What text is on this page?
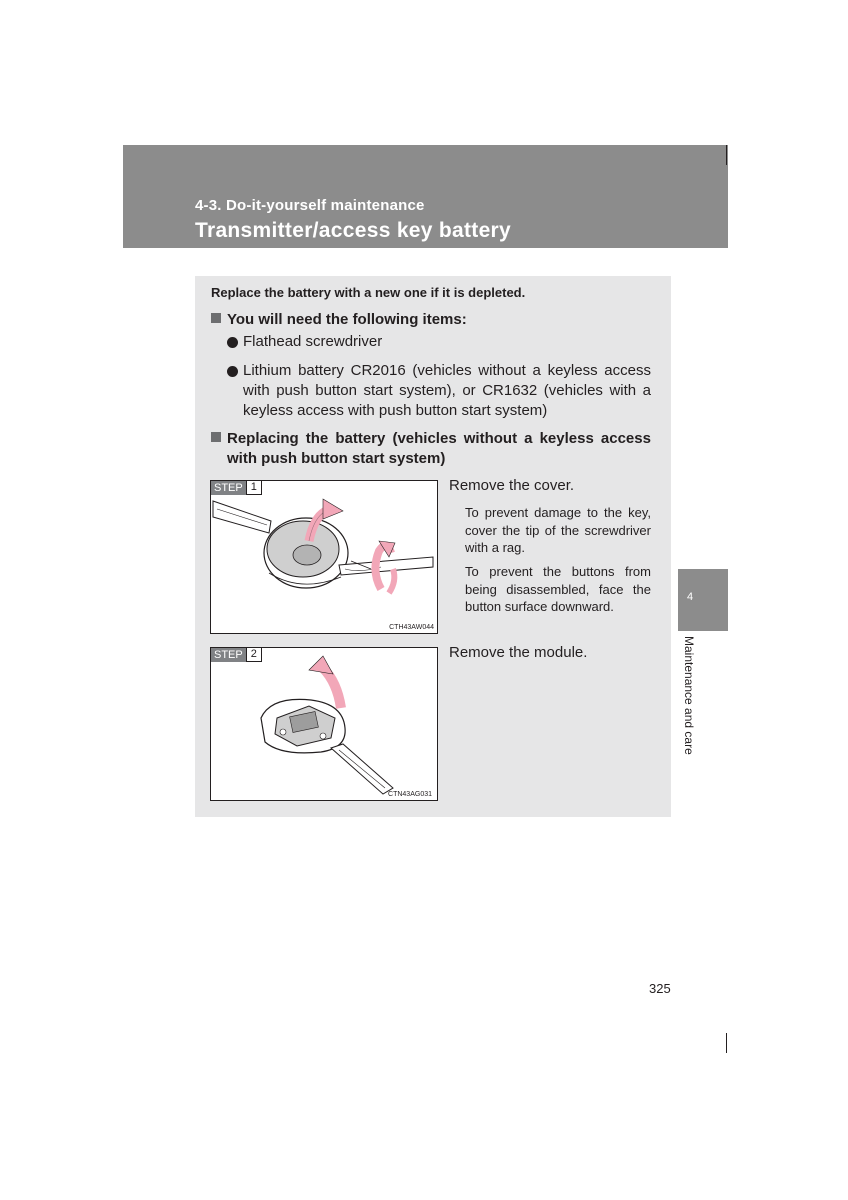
4-3. Do-it-yourself maintenance
Transmitter/access key battery
Replace the battery with a new one if it is depleted.
You will need the following items:
Flathead screwdriver
Lithium battery CR2016 (vehicles without a keyless access with push button start system), or CR1632 (vehicles with a keyless access with push button start system)
Replacing the battery (vehicles without a keyless access
with push button start system)
STEP 1
CTH43AW044
Remove the cover.
To prevent damage to the key, cover the tip of the screwdriver with a rag.
To prevent the buttons from being disassembled, face the button surface downward.
STEP 2
CTN43AG031
Remove the module.
4
Maintenance and care
325
